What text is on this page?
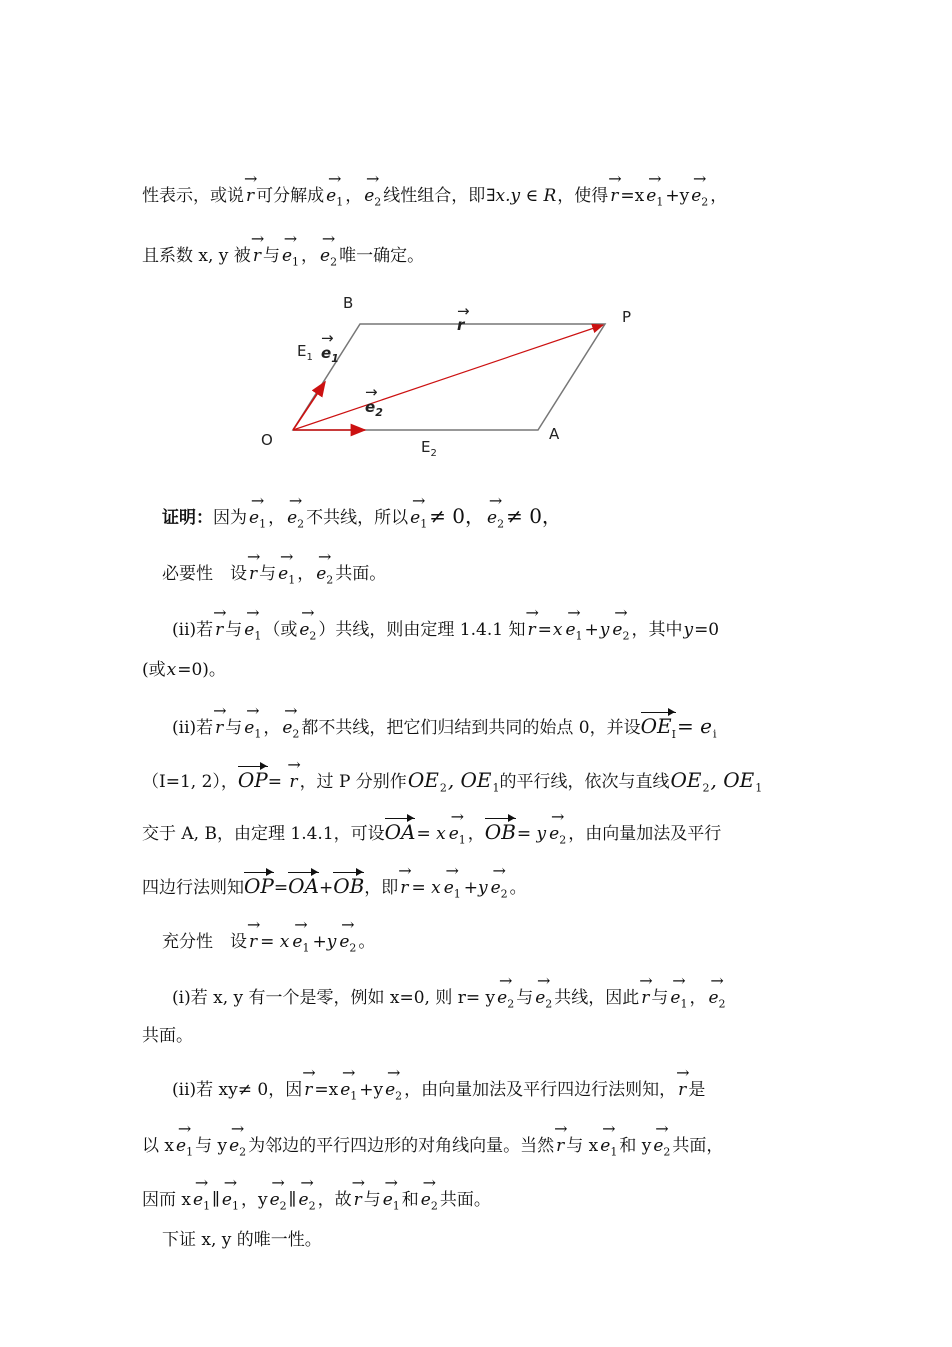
性表示，或说 → r 可分解成 → $e_1$ ， → $e_2$ 线性组合，即∃x.y ∈ R，使得 → $r =x \to e_1 +y \to e_2$ ，
且系数 x, y 被 → r 与 → $e_1$ ， → $e_2$ 唯一确定。
B
P
O	A
$E_1$
$E_2$
r
→
$e_1$
→
$e_2$
→
证明：因为 → $e_1$ ， → $e_2$ 不共线，所以 → $e_1 \ne 0$， → $e_2 \ne 0$，
必要性　设 → r 与 → $e_1$ ， → $e_2$ 共面。
(ii)若 → r 与 → $e_1$ （或 → $e_2$ ）共线，则由定理 1.4.1 知 → $r =x \to e_1 +y \to e_2$ ，其中y=0
(或x=0)。
(ii)若 → r 与 → $e_1$ ， → $e_2$ 都不共线，把它们归结到共同的始点 0，并设$OE_I= e_i$
（I=1, 2），OP= → r ，过 P 分别作$OE_2$, $OE_1$的平行线，依次与直线$OE_2$, $OE_1$
交于 A, B，由定理 1.4.1，可设$OA= x \to e_1$ ，$OB= y \to e_2$ ，由向量加法及平行
四边行法则知OP=OA+OB，即 → $r = x \to e_1 +y \to e_2$ 。
充分性　设 → $r = x \to e_1 +y \to e_2$ 。
(i)若 x, y 有一个是零，例如 x=0, 则 $r= y \to e_2$ 与 → $e_2$ 共线，因此 → r 与 → $e_1$ ， → $e_2$
共面。
(ii)若 xy≠ 0，因 → $r =x \to e_1 +y \to e_2$ ，由向量加法及平行四边行法则知， → r 是
以 $x \to e_1$ 与 $y \to e_2$ 为邻边的平行四边形的对角线向量。当然 → r 与 $x \to e_1$ 和 $y \to e_2$ 共面，
因而 $x \to e_1$ ∥ → $e_1$ ，$y \to e_2$ ∥ → $e_2$ ，故 → r 与 → $e_1$ 和 → $e_2$ 共面。
下证 x, y 的唯一性。
